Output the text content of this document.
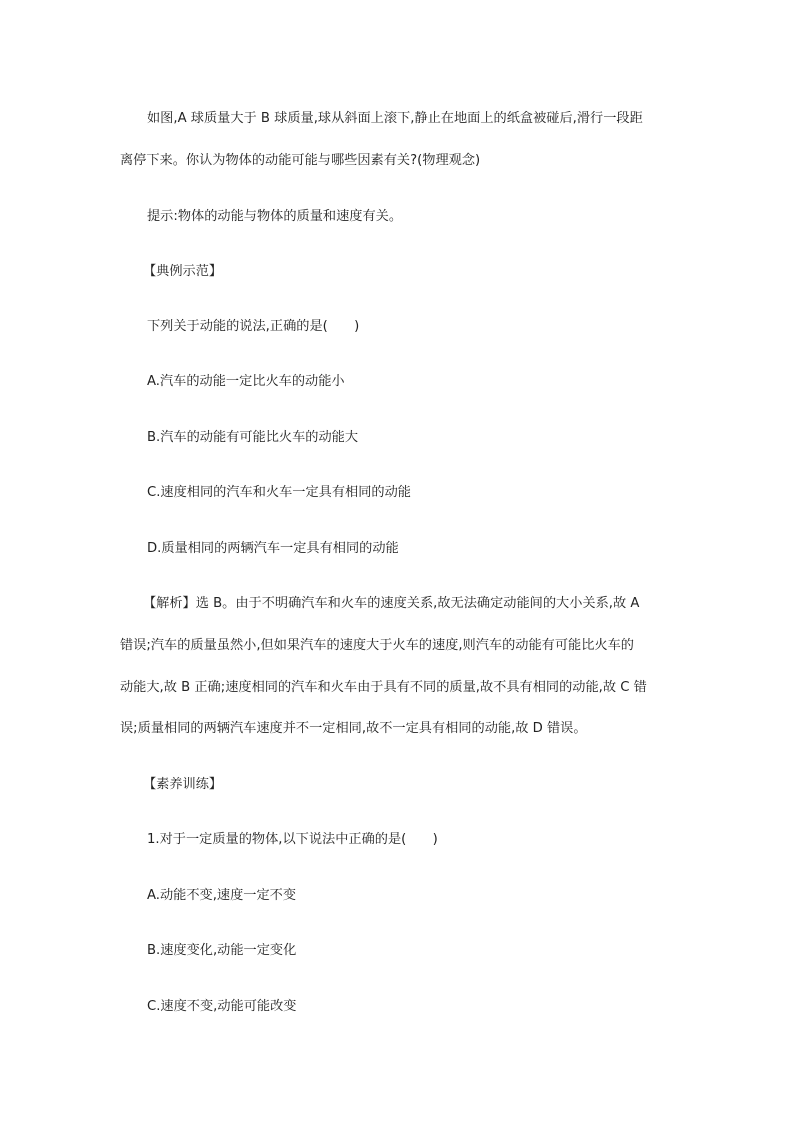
如图,A 球质量大于 B 球质量,球从斜面上滚下,静止在地面上的纸盒被碰后,滑行一段距
离停下来。你认为物体的动能可能与哪些因素有关?(物理观念)
提示:物体的动能与物体的质量和速度有关。
【典例示范】
下列关于动能的说法,正确的是(　　)
A.汽车的动能一定比火车的动能小
B.汽车的动能有可能比火车的动能大
C.速度相同的汽车和火车一定具有相同的动能
D.质量相同的两辆汽车一定具有相同的动能
【解析】选 B。由于不明确汽车和火车的速度关系,故无法确定动能间的大小关系,故 A
错误;汽车的质量虽然小,但如果汽车的速度大于火车的速度,则汽车的动能有可能比火车的
动能大,故 B 正确;速度相同的汽车和火车由于具有不同的质量,故不具有相同的动能,故 C 错
误;质量相同的两辆汽车速度并不一定相同,故不一定具有相同的动能,故 D 错误。
【素养训练】
1.对于一定质量的物体,以下说法中正确的是(　　)
A.动能不变,速度一定不变
B.速度变化,动能一定变化
C.速度不变,动能可能改变
